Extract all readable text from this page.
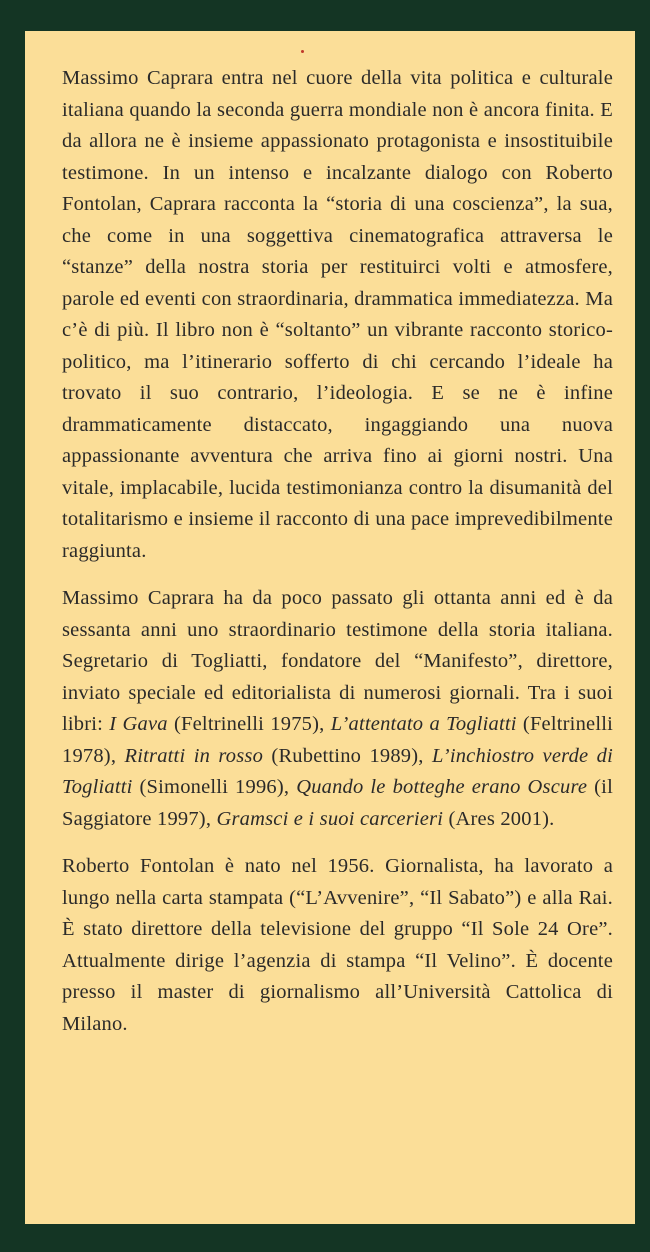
Massimo Caprara entra nel cuore della vita politica e culturale italiana quando la seconda guerra mondiale non è ancora finita. E da allora ne è insieme appassionato protagonista e insostituibile testimone. In un intenso e incalzante dialogo con Roberto Fontolan, Caprara racconta la “storia di una coscienza”, la sua, che come in una soggettiva cinematografica attraversa le “stanze” della nostra storia per restituirci volti e atmosfere, parole ed eventi con straordinaria, drammatica immediatezza. Ma c’è di più. Il libro non è “soltanto” un vibrante racconto storico-politico, ma l’itinerario sofferto di chi cercando l’ideale ha trovato il suo contrario, l’ideologia. E se ne è infine drammaticamente distaccato, ingaggiando una nuova appassionante avventura che arriva fino ai giorni nostri. Una vitale, implacabile, lucida testimonianza contro la disumanità del totalitarismo e insieme il racconto di una pace imprevedibilmente raggiunta.

Massimo Caprara ha da poco passato gli ottanta anni ed è da sessanta anni uno straordinario testimone della storia italiana. Segretario di Togliatti, fondatore del “Manifesto”, direttore, inviato speciale ed editorialista di numerosi giornali. Tra i suoi libri: I Gava (Feltrinelli 1975), L’attentato a Togliatti (Feltrinelli 1978), Ritratti in rosso (Rubettino 1989), L’inchiostro verde di Togliatti (Simonelli 1996), Quando le botteghe erano Oscure (il Saggiatore 1997), Gramsci e i suoi carcerieri (Ares 2001).

Roberto Fontolan è nato nel 1956. Giornalista, ha lavorato a lungo nella carta stampata (“L’Avvenire”, “Il Sabato”) e alla Rai. È stato direttore della televisione del gruppo “Il Sole 24 Ore”. Attualmente dirige l’agenzia di stampa “Il Velino”. È docente presso il master di giornalismo all’Università Cattolica di Milano.
